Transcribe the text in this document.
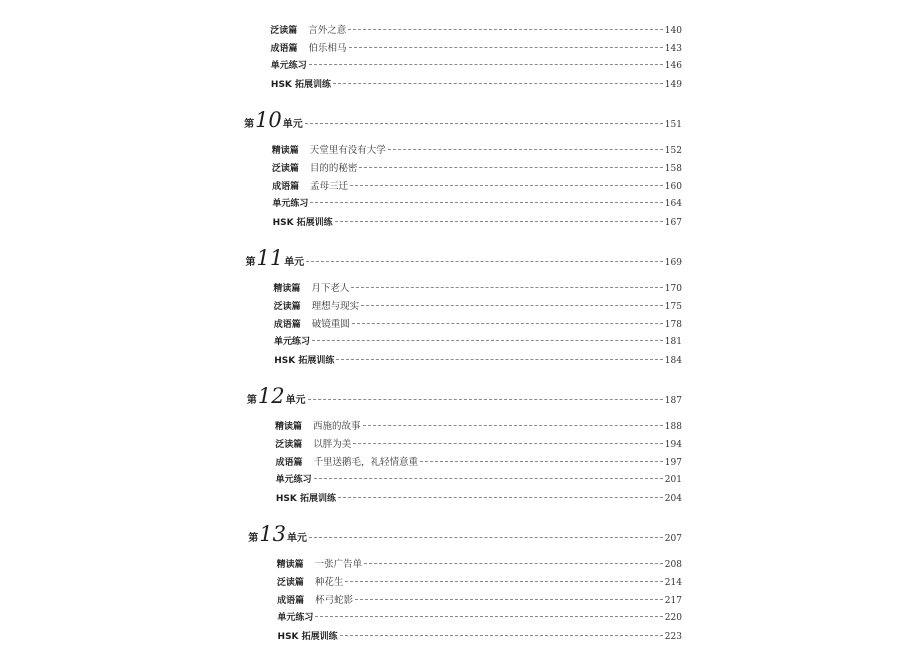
泛读篇 言外之意	140
成语篇 伯乐相马	143
单元练习	146
HSK 拓展训练	149
第 10 单元	151
精读篇 天堂里有没有大学	152
泛读篇 目的的秘密	158
成语篇 孟母三迁	160
单元练习	164
HSK 拓展训练	167
第 11 单元	169
精读篇 月下老人	170
泛读篇 理想与现实	175
成语篇 破镜重圆	178
单元练习	181
HSK 拓展训练	184
第 12 单元	187
精读篇 西施的故事	188
泛读篇 以胖为美	194
成语篇 千里送鹅毛，礼轻情意重	197
单元练习	201
HSK 拓展训练	204
第 13 单元	207
精读篇 一张广告单	208
泛读篇 种花生	214
成语篇 杯弓蛇影	217
单元练习	220
HSK 拓展训练	223
